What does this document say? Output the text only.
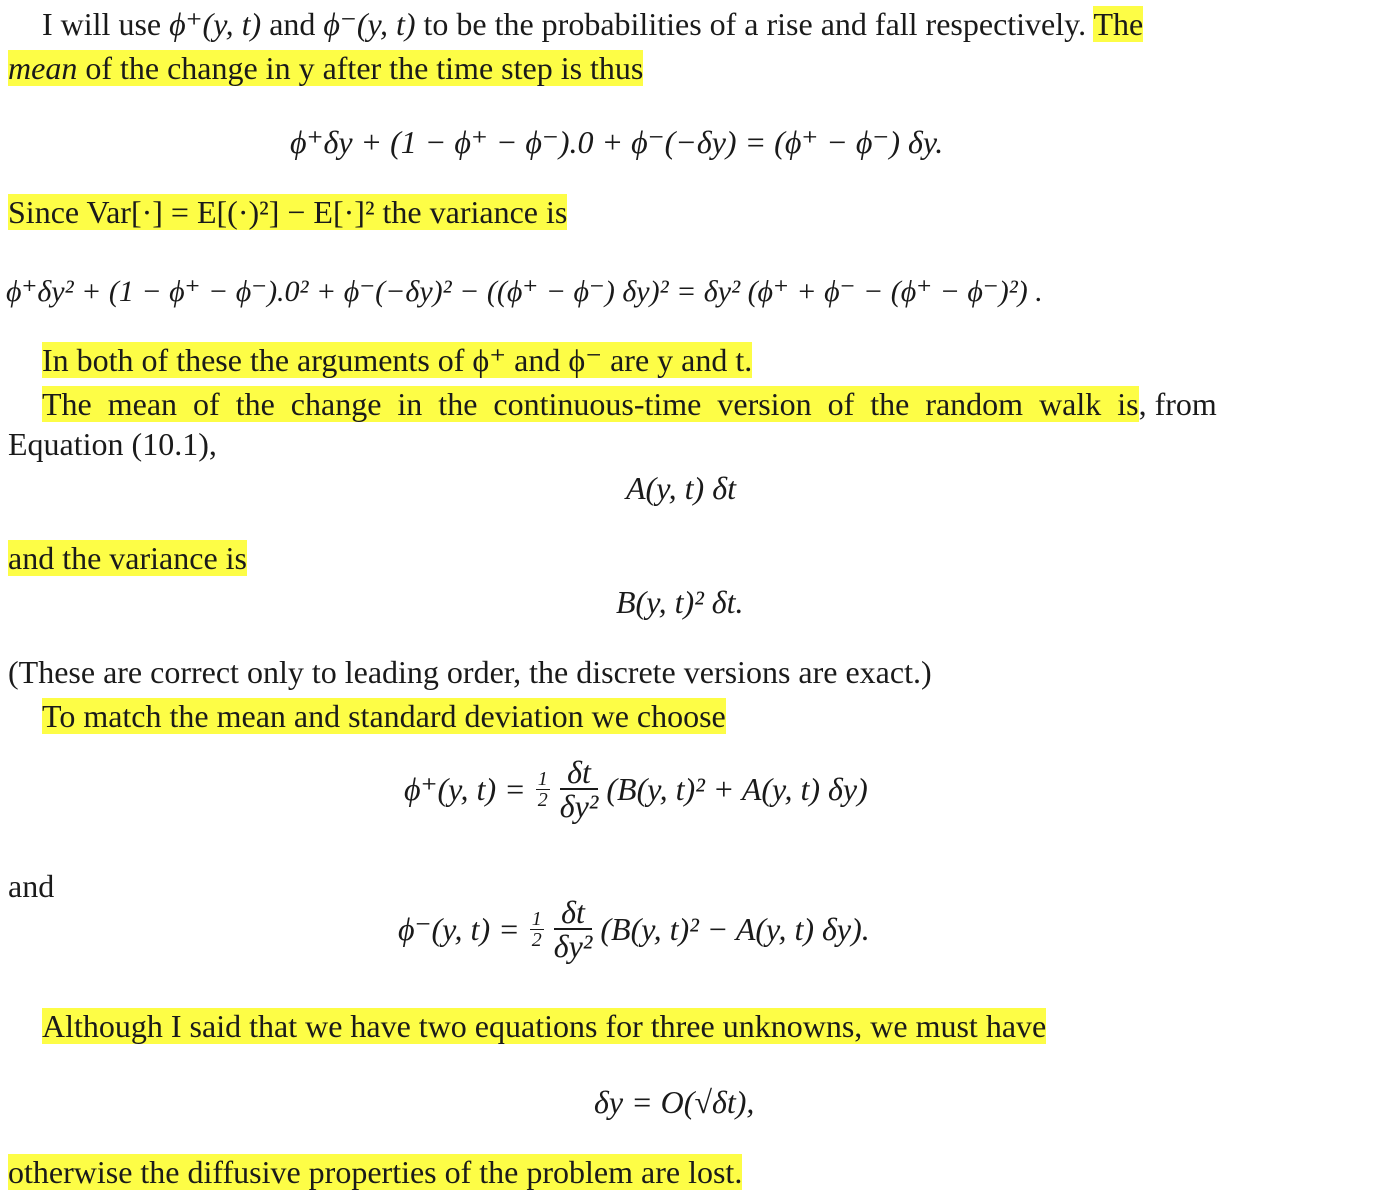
I will use ϕ⁺(y, t) and ϕ⁻(y, t) to be the probabilities of a rise and fall respectively. The
mean of the change in y after the time step is thus
ϕ⁺δy + (1 − ϕ⁺ − ϕ⁻).0 + ϕ⁻(−δy) = (ϕ⁺ − ϕ⁻) δy.
Since Var[·] = E[(·)²] − E[·]² the variance is
ϕ⁺δy² + (1 − ϕ⁺ − ϕ⁻).0² + ϕ⁻(−δy)² − ((ϕ⁺ − ϕ⁻) δy)² = δy² (ϕ⁺ + ϕ⁻ − (ϕ⁺ − ϕ⁻)²) .
In both of these the arguments of ϕ⁺ and ϕ⁻ are y and t.
The mean of the change in the continuous-time version of the random walk is, from
Equation (10.1),
A(y, t) δt
and the variance is
B(y, t)² δt.
(These are correct only to leading order, the discrete versions are exact.)
To match the mean and standard deviation we choose
ϕ⁺(y, $t) = \frac{1}{2}$
$\frac{\delta t}{\text{δy²}} (B(y$, t)² + A(y, t) δy)
and
ϕ⁻(y, $t) = \frac{1}{2}$
$\frac{\delta t}{\text{δy²}} (B(y$, t)² − A(y, t) δy).
Although I said that we have two equations for three unknowns, we must have
δy = O(√δt),
otherwise the diffusive properties of the problem are lost.
